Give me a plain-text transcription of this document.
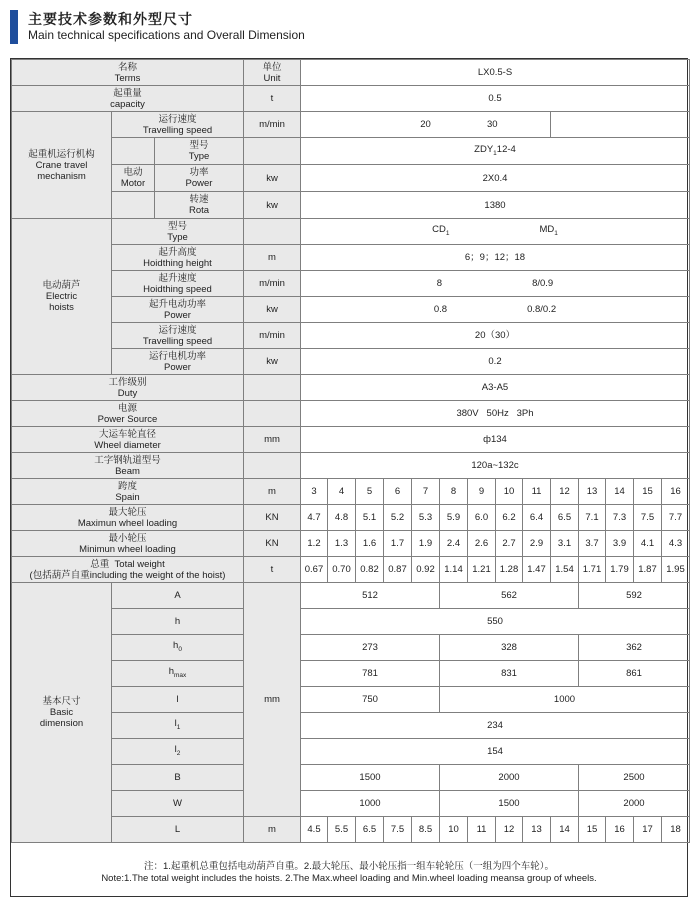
主要技术参数和外型尺寸
Main technical specifications and Overall Dimension
名称
Terms		单位
Unit	LX0.5-S													

起重量
capacity		t	0.5													

起重机运行机构
Crane travel
mechanism	运行速度
Travelling speed	m/min	20									30				

	型号
Type		$ZDY_112-4$													

	电动
Motor
功率
Power	kw	2X0.4													

	转速
Rota	kw	1380													

电动葫芦
Electric
hoists	型号
Type		$CD_1$ $MD_1$

	起升高度
Hoidthing height	m	6；9；12；18													

	起升速度
Hoidthing speed	m/min	8 8/0.9													

	起升电动功率
Power	kw	0.8 0.8/0.2													

	运行速度
Travelling speed	m/min	20（30）													

	运行电机功率
Power	kw	0.2													

工作级别
Duty			A3-A5													

电源
Power Source			380V   50Hz   3Ph													

大运车轮直径
Wheel diameter		mm	ф134													

工字钢轨道型号
Beam			120a~132c													

跨度
Spain		m	3	4	5	6	7	8	9	10	11	12	13	14	15	16

最大轮压
Maximun wheel loading		KN	4.7	4.8	5.1	5.2	5.3	5.9	6.0	6.2	6.4	6.5	7.1	7.3	7.5	7.7

最小轮压
Minimun wheel loading		KN	1.2	1.3	1.6	1.7	1.9	2.4	2.6	2.7	2.9	3.1	3.7	3.9	4.1	4.3

总重  Total weight
(包括葫芦自重including the weight of the hoist)		t	0.67	0.70	0.82	0.87	0.92	1.14	1.21	1.28	1.47	1.54	1.71	1.79	1.87	1.95

基本尺寸
Basic
dimension	A	mm	512					562					592			
	h		550													
	$h_0$		273					328					362			
	$h_{max}$		781					831					861			
	l		750					1000								
	$l_1$		234													
	$l_2$		154													
	B		1500					2000					2500			
	W		1000					1500					2000			
	L	m	4.5	5.5	6.5	7.5	8.5	10	11	12	13	14	15	16	17	18
注：1.起重机总重包括电动葫芦自重。2.最大轮压、最小轮压指一组车轮轮压（一组为四个车轮）。
Note:1.The total weight includes the hoists. 2.The Max.wheel loading and Min.wheel loading meansa group of wheels.
